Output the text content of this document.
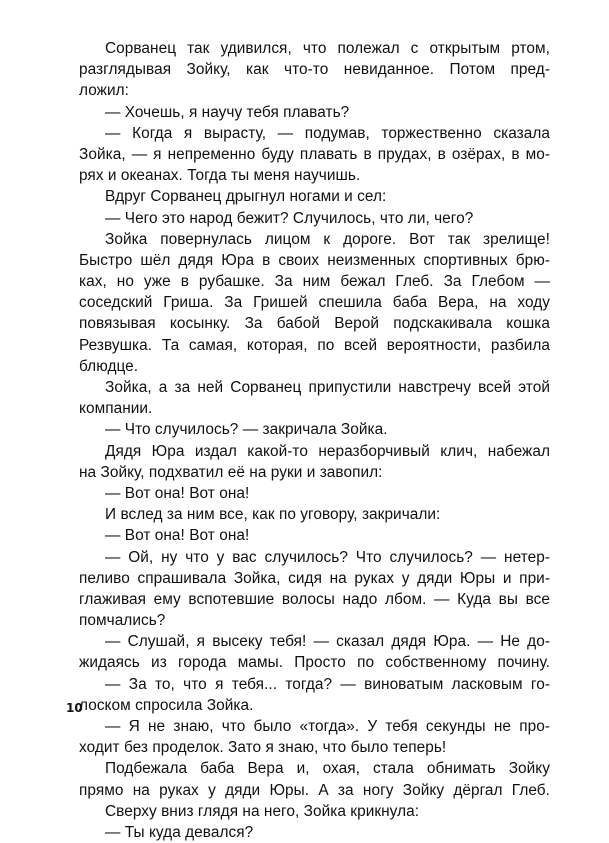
Сорванец так удивился, что полежал с открытым ртом,
разглядывая Зойку, как что-то невиданное. Потом пред-
ложил:
— Хочешь, я научу тебя плавать?
— Когда я вырасту, — подумав, торжественно сказала
Зойка, — я непременно буду плавать в прудах, в озёрах, в мо-
рях и океанах. Тогда ты меня научишь.
Вдруг Сорванец дрыгнул ногами и сел:
— Чего это народ бежит? Случилось, что ли, чего?
Зойка повернулась лицом к дороге. Вот так зрелище!
Быстро шёл дядя Юра в своих неизменных спортивных брю-
ках, но уже в рубашке. За ним бежал Глеб. За Глебом —
соседский Гриша. За Гришей спешила баба Вера, на ходу
повязывая косынку. За бабой Верой подскакивала кошка
Резвушка. Та самая, которая, по всей вероятности, разбила
блюдце.
Зойка, а за ней Сорванец припустили навстречу всей этой
компании.
— Что случилось? — закричала Зойка.
Дядя Юра издал какой-то неразборчивый клич, набежал
на Зойку, подхватил её на руки и завопил:
— Вот она! Вот она!
И вслед за ним все, как по уговору, закричали:
— Вот она! Вот она!
— Ой, ну что у вас случилось? Что случилось? — нетер-
пеливо спрашивала Зойка, сидя на руках у дяди Юры и при-
глаживая ему вспотевшие волосы надо лбом. — Куда вы все
помчались?
— Слушай, я высеку тебя! — сказал дядя Юра. — Не до-
жидаясь из города мамы. Просто по собственному почину.
— За то, что я тебя... тогда? — виноватым ласковым го-
лоском спросила Зойка.
— Я не знаю, что было «тогда». У тебя секунды не про-
ходит без проделок. Зато я знаю, что было теперь!
Подбежала баба Вера и, охая, стала обнимать Зойку
прямо на руках у дяди Юры. А за ногу Зойку дёргал Глеб.
Сверху вниз глядя на него, Зойка крикнула:
— Ты куда девался?
10
